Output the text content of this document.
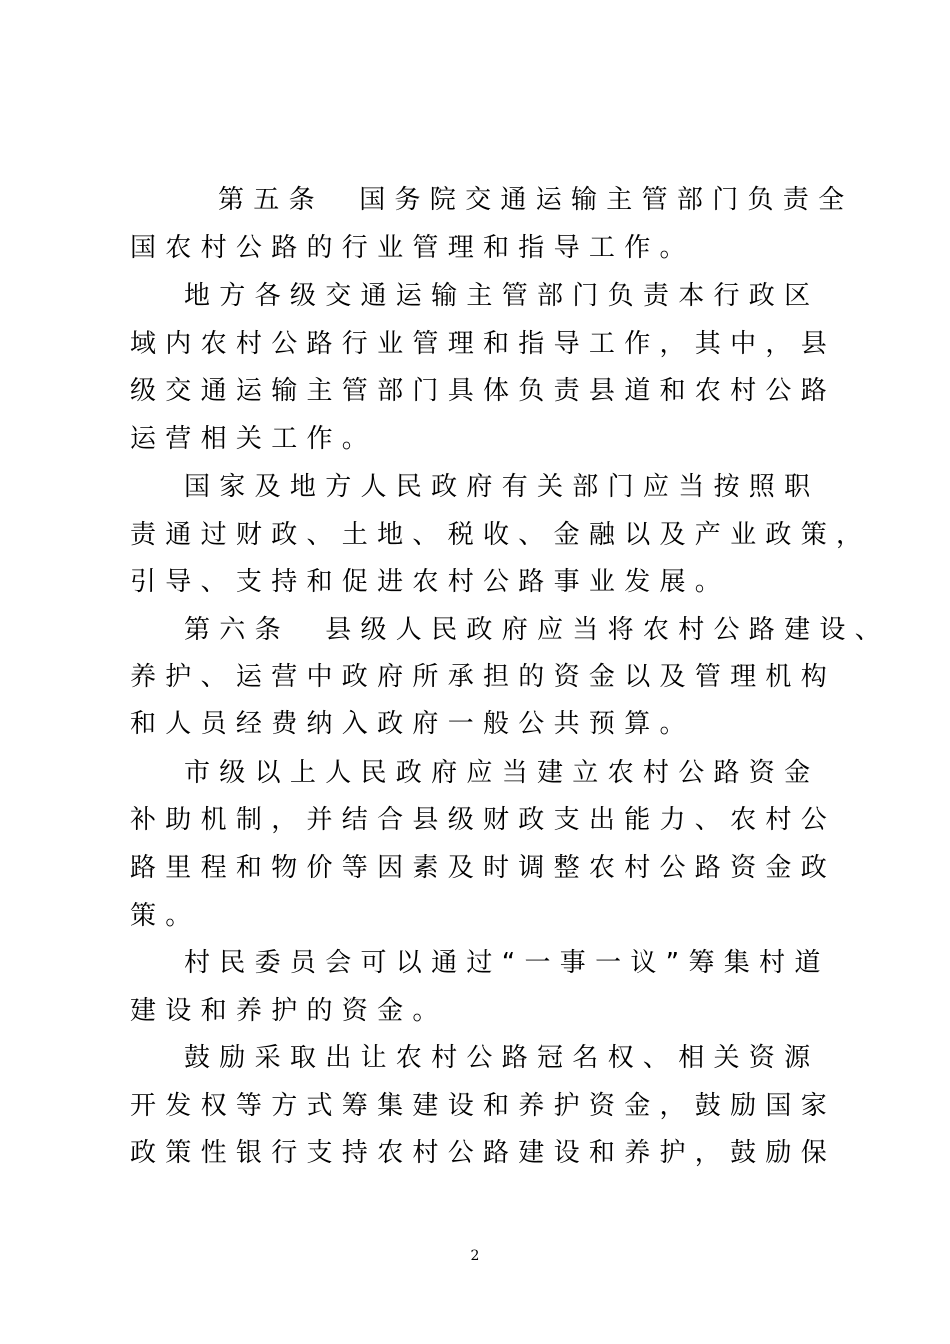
第五条　国务院交通运输主管部门负责全
国农村公路的行业管理和指导工作。
地方各级交通运输主管部门负责本行政区
域内农村公路行业管理和指导工作，其中，县
级交通运输主管部门具体负责县道和农村公路
运营相关工作。
国家及地方人民政府有关部门应当按照职
责通过财政、土地、税收、金融以及产业政策，
引导、支持和促进农村公路事业发展。
第六条　县级人民政府应当将农村公路建设、
养护、运营中政府所承担的资金以及管理机构
和人员经费纳入政府一般公共预算。
市级以上人民政府应当建立农村公路资金
补助机制，并结合县级财政支出能力、农村公
路里程和物价等因素及时调整农村公路资金政
策。
村民委员会可以通过“一事一议”筹集村道
建设和养护的资金。
鼓励采取出让农村公路冠名权、相关资源
开发权等方式筹集建设和养护资金，鼓励国家
政策性银行支持农村公路建设和养护，鼓励保
2
